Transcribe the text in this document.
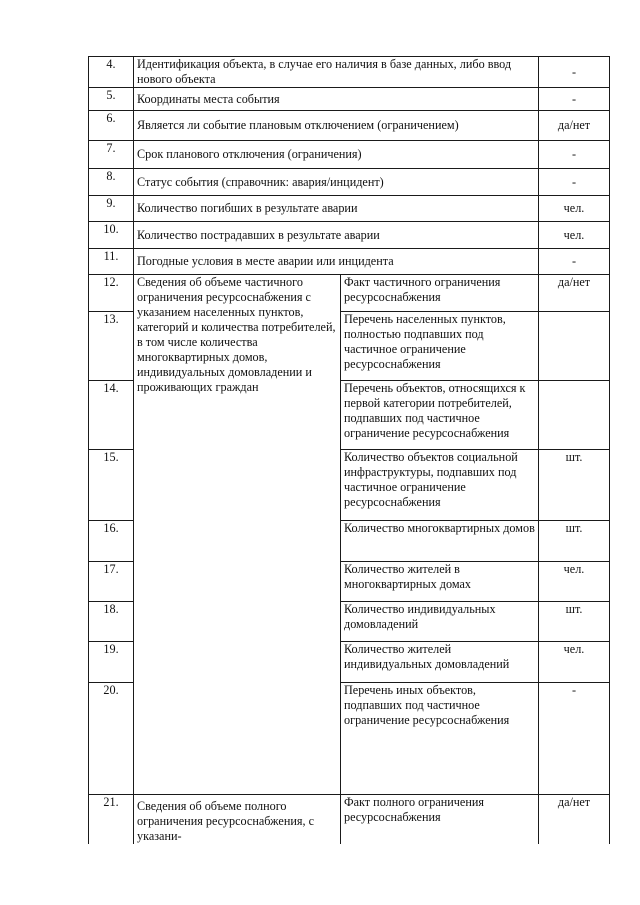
4.	Идентификация объекта, в случае его наличия в базе данных, либо ввод нового объекта		-
5.	Координаты места события		-
6.	Является ли событие плановым отключением (ограничением)		да/нет
7.	Срок планового отключения (ограничения)		-
8.	Статус события (справочник: авария/инцидент)		-
9.	Количество погибших в результате аварии		чел.
10.	Количество пострадавших в результате аварии		чел.
11.	Погодные условия в месте аварии или инцидента		-
12.	Сведения об объеме частичного ограничения ресурсоснабжения с указанием населенных пунктов, категорий и количества потребителей, в том числе количества многоквартирных домов, индивидуальных домовладении и проживающих граждан	Факт частичного ограничения ресурсоснабжения	да/нет
13.		Перечень населенных пунктов, полностью подпавших под частичное ограничение ресурсоснабжения	
14.		Перечень объектов, относящихся к первой категории потребителей, подпавших под частичное ограничение ресурсоснабжения	
15.		Количество объектов социальной инфраструктуры, подпавших под частичное ограничение ресурсоснабжения	шт.
16.		Количество многоквартирных домов	шт.
17.		Количество жителей в многоквартирных домах	чел.
18.		Количество индивидуальных домовладений	шт.
19.		Количество жителей индивидуальных домовладений	чел.
20.		Перечень иных объектов, подпавших под частичное ограничение ресурсоснабжения	-
21.	Сведения об объеме полного ограничения ресурсоснабжения, с указани-	Факт полного ограничения ресурсоснабжения	да/нет
